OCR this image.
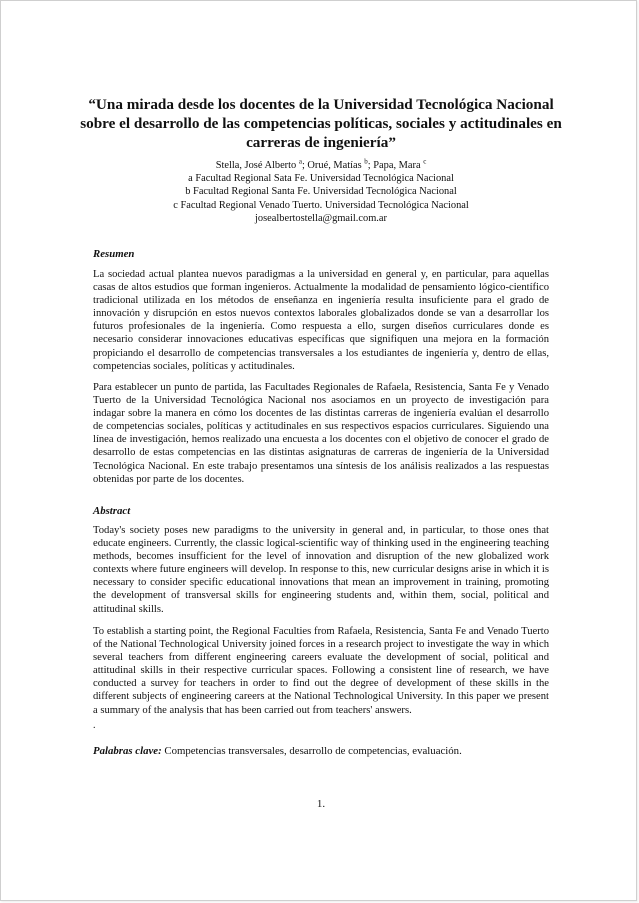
“Una mirada desde los docentes de la Universidad Tecnológica Nacional sobre el desarrollo de las competencias políticas, sociales y actitudinales en carreras de ingeniería”
Stella, José Alberto $^a$; Orué, Matías $^b$; Papa, Mara $^c$
a Facultad Regional Sata Fe. Universidad Tecnológica Nacional
b Facultad Regional Santa Fe. Universidad Tecnológica Nacional
c Facultad Regional Venado Tuerto. Universidad Tecnológica Nacional
josealbertostella@gmail.com.ar
Resumen

La sociedad actual plantea nuevos paradigmas a la universidad en general y, en particular, para aquellas casas de altos estudios que forman ingenieros. Actualmente la modalidad de pensamiento lógico-científico tradicional utilizada en los métodos de enseñanza en ingeniería resulta insuficiente para el grado de innovación y disrupción en estos nuevos contextos laborales globalizados donde se van a desarrollar los futuros profesionales de la ingeniería. Como respuesta a ello, surgen diseños curriculares donde es necesario considerar innovaciones educativas específicas que signifiquen una mejora en la formación propiciando el desarrollo de competencias transversales a los estudiantes de ingeniería y, dentro de ellas, competencias sociales, políticas y actitudinales.

Para establecer un punto de partida, las Facultades Regionales de Rafaela, Resistencia, Santa Fe y Venado Tuerto de la Universidad Tecnológica Nacional nos asociamos en un proyecto de investigación para indagar sobre la manera en cómo los docentes de las distintas carreras de ingeniería evalúan el desarrollo de competencias sociales, políticas y actitudinales en sus respectivos espacios curriculares. Siguiendo una línea de investigación, hemos realizado una encuesta a los docentes con el objetivo de conocer el grado de desarrollo de estas competencias en las distintas asignaturas de carreras de ingeniería de la Universidad Tecnológica Nacional. En este trabajo presentamos una síntesis de los análisis realizados a las respuestas obtenidas por parte de los docentes.

Abstract

Today's society poses new paradigms to the university in general and, in particular, to those ones that educate engineers. Currently, the classic logical-scientific way of thinking used in the engineering teaching methods, becomes insufficient for the level of innovation and disruption of the new globalized work contexts where future engineers will develop. In response to this, new curricular designs arise in which it is necessary to consider specific educational innovations that mean an improvement in training, promoting the development of transversal skills for engineering students and, within them, social, political and attitudinal skills.

To establish a starting point, the Regional Faculties from Rafaela, Resistencia, Santa Fe and Venado Tuerto of the National Technological University joined forces in a research project to investigate the way in which several teachers from different engineering careers evaluate the development of social, political and attitudinal skills in their respective curricular spaces. Following a consistent line of research, we have conducted a survey for teachers in order to find out the degree of development of these skills in the different subjects of engineering careers at the National Technological University. In this paper we present a summary of the analysis that has been carried out from teachers' answers.

.

Palabras clave: Competencias transversales, desarrollo de competencias, evaluación.

1.
